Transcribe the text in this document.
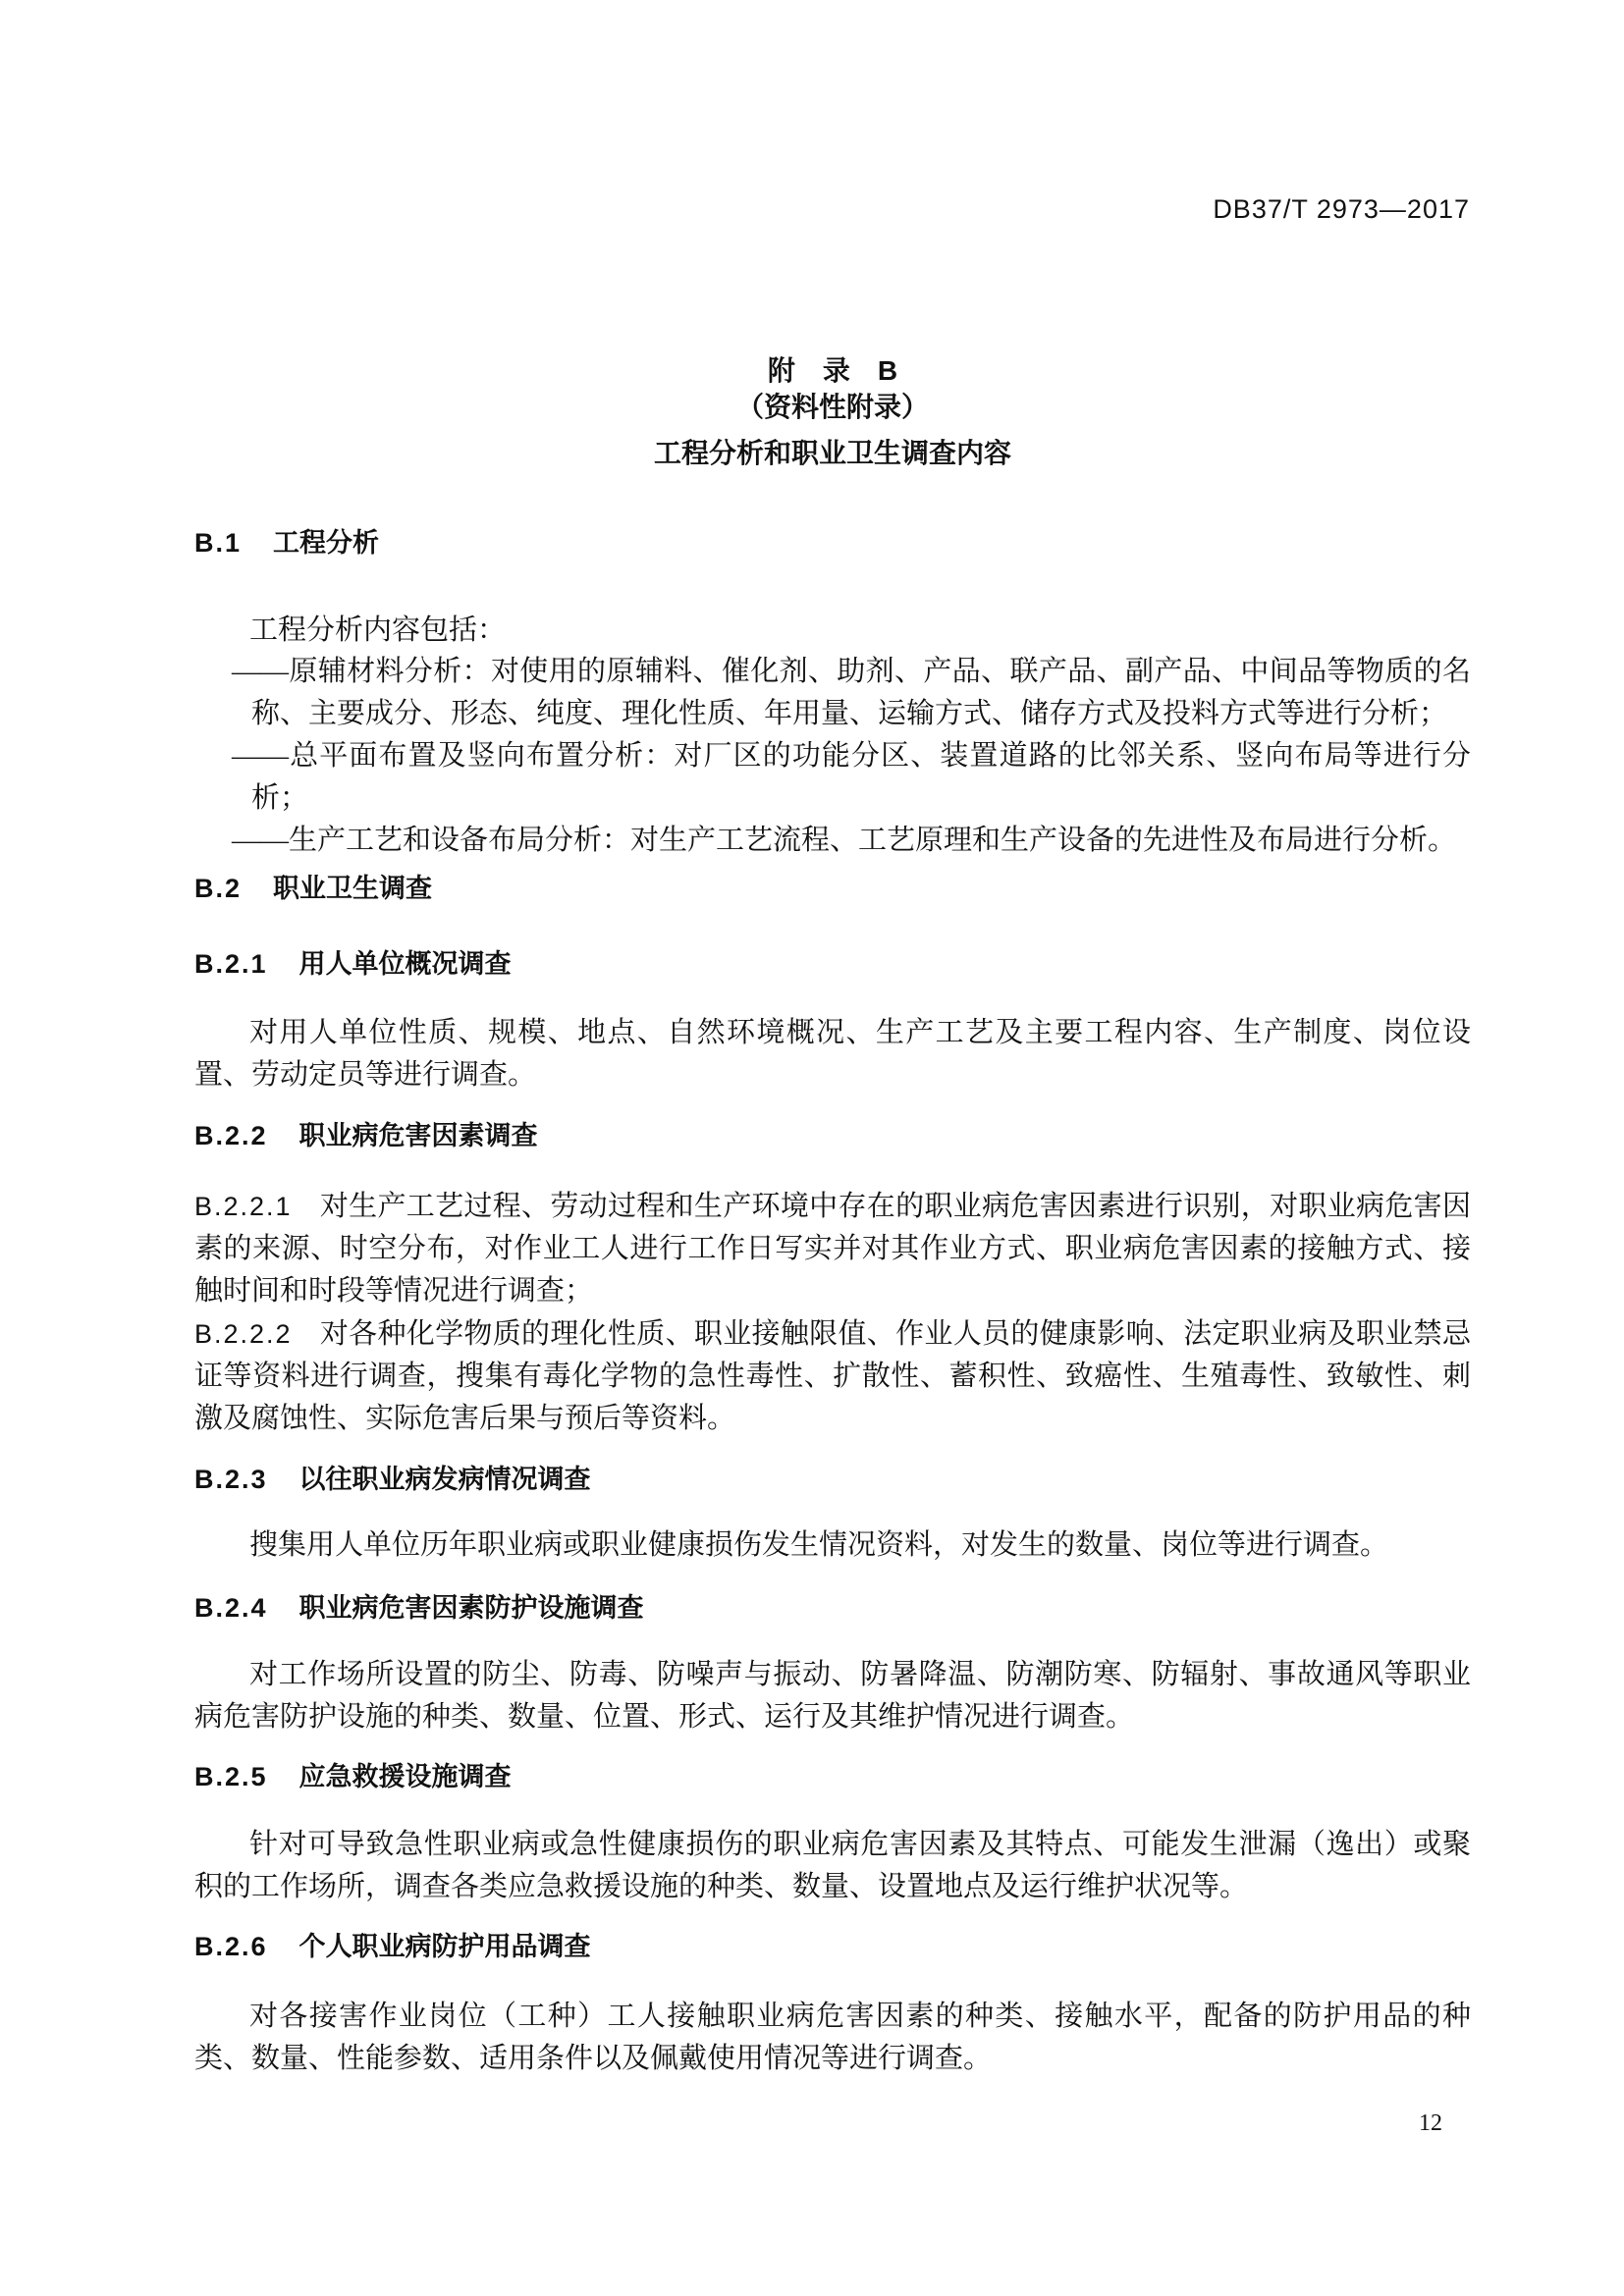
DB37/T 2973—2017
附　录　B
（资料性附录）
工程分析和职业卫生调查内容
B.1 工程分析

工程分析内容包括：

——原辅材料分析：对使用的原辅料、催化剂、助剂、产品、联产品、副产品、中间品等物质的名称、主要成分、形态、纯度、理化性质、年用量、运输方式、储存方式及投料方式等进行分析；

——总平面布置及竖向布置分析：对厂区的功能分区、装置道路的比邻关系、竖向布局等进行分析；

——生产工艺和设备布局分析：对生产工艺流程、工艺原理和生产设备的先进性及布局进行分析。

B.2 职业卫生调查
B.2.1 用人单位概况调查

对用人单位性质、规模、地点、自然环境概况、生产工艺及主要工程内容、生产制度、岗位设置、劳动定员等进行调查。

B.2.2 职业病危害因素调查

B.2.2.1 对生产工艺过程、劳动过程和生产环境中存在的职业病危害因素进行识别，对职业病危害因素的来源、时空分布，对作业工人进行工作日写实并对其作业方式、职业病危害因素的接触方式、接触时间和时段等情况进行调查；

B.2.2.2 对各种化学物质的理化性质、职业接触限值、作业人员的健康影响、法定职业病及职业禁忌证等资料进行调查，搜集有毒化学物的急性毒性、扩散性、蓄积性、致癌性、生殖毒性、致敏性、刺激及腐蚀性、实际危害后果与预后等资料。

B.2.3 以往职业病发病情况调查

搜集用人单位历年职业病或职业健康损伤发生情况资料，对发生的数量、岗位等进行调查。

B.2.4 职业病危害因素防护设施调查

对工作场所设置的防尘、防毒、防噪声与振动、防暑降温、防潮防寒、防辐射、事故通风等职业病危害防护设施的种类、数量、位置、形式、运行及其维护情况进行调查。

B.2.5 应急救援设施调查

针对可导致急性职业病或急性健康损伤的职业病危害因素及其特点、可能发生泄漏（逸出）或聚积的工作场所，调查各类应急救援设施的种类、数量、设置地点及运行维护状况等。

B.2.6 个人职业病防护用品调查

对各接害作业岗位（工种）工人接触职业病危害因素的种类、接触水平，配备的防护用品的种类、数量、性能参数、适用条件以及佩戴使用情况等进行调查。

12
